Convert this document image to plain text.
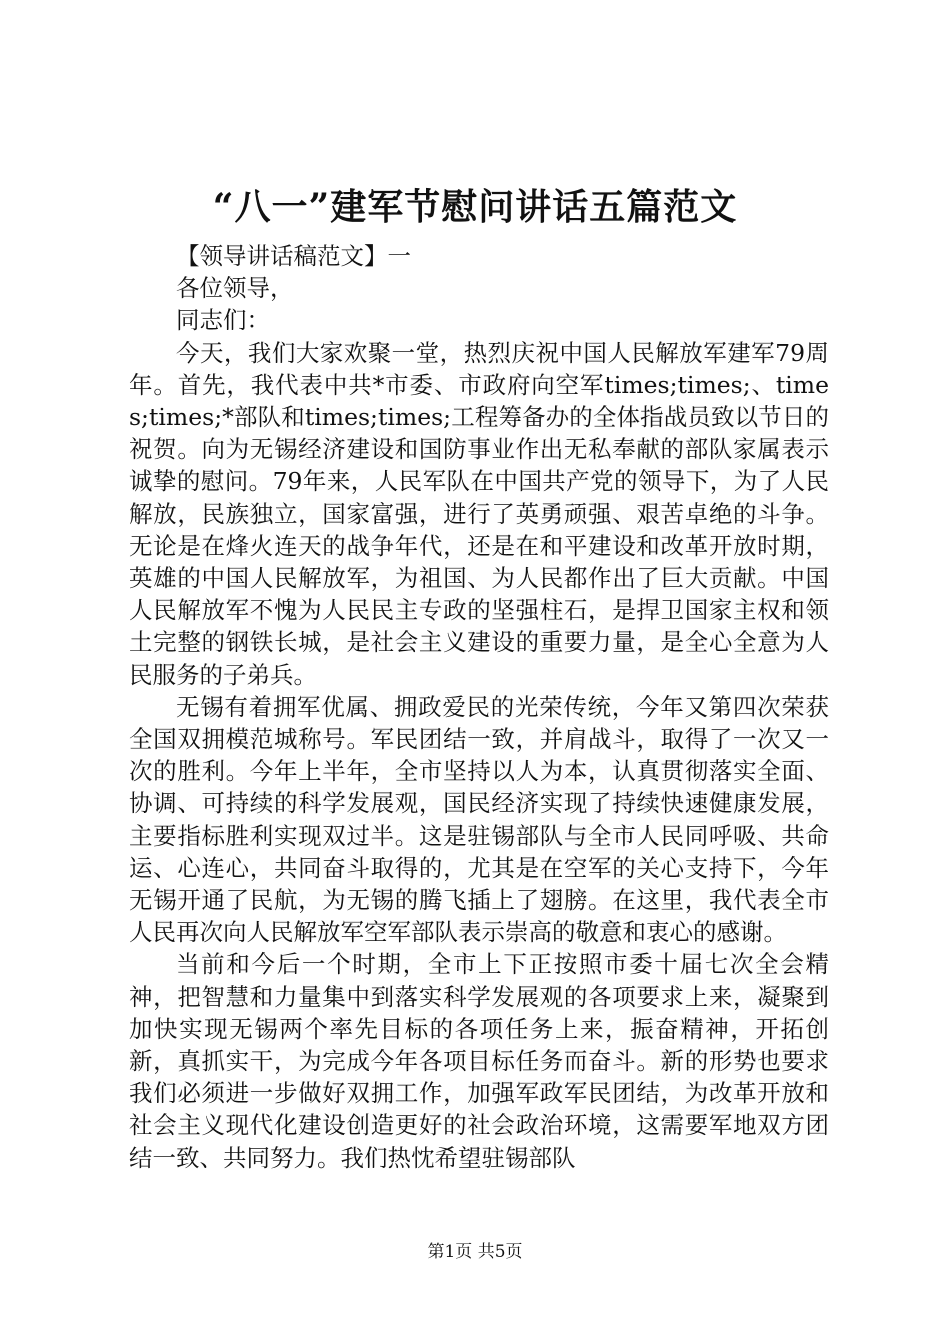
“八一”建军节慰问讲话五篇范文

【领导讲话稿范文】一

各位领导，

同志们：

今天，我们大家欢聚一堂，热烈庆祝中国人民解放军建军79周年。首先，我代表中共*市委、市政府向空军times;times;、times;times;*部队和times;times;工程筹备办的全体指战员致以节日的祝贺。向为无锡经济建设和国防事业作出无私奉献的部队家属表示诚挚的慰问。79年来，人民军队在中国共产党的领导下，为了人民解放，民族独立，国家富强，进行了英勇顽强、艰苦卓绝的斗争。无论是在烽火连天的战争年代，还是在和平建设和改革开放时期，英雄的中国人民解放军，为祖国、为人民都作出了巨大贡献。中国人民解放军不愧为人民民主专政的坚强柱石，是捍卫国家主权和领土完整的钢铁长城，是社会主义建设的重要力量，是全心全意为人民服务的子弟兵。

无锡有着拥军优属、拥政爱民的光荣传统，今年又第四次荣获全国双拥模范城称号。军民团结一致，并肩战斗，取得了一次又一次的胜利。今年上半年，全市坚持以人为本，认真贯彻落实全面、协调、可持续的科学发展观，国民经济实现了持续快速健康发展，主要指标胜利实现双过半。这是驻锡部队与全市人民同呼吸、共命运、心连心，共同奋斗取得的，尤其是在空军的关心支持下，今年无锡开通了民航，为无锡的腾飞插上了翅膀。在这里，我代表全市人民再次向人民解放军空军部队表示崇高的敬意和衷心的感谢。

当前和今后一个时期，全市上下正按照市委十届七次全会精神，把智慧和力量集中到落实科学发展观的各项要求上来，凝聚到加快实现无锡两个率先目标的各项任务上来，振奋精神，开拓创新，真抓实干，为完成今年各项目标任务而奋斗。新的形势也要求我们必须进一步做好双拥工作，加强军政军民团结，为改革开放和社会主义现代化建设创造更好的社会政治环境，这需要军地双方团结一致、共同努力。我们热忱希望驻锡部队

第1页 共5页
